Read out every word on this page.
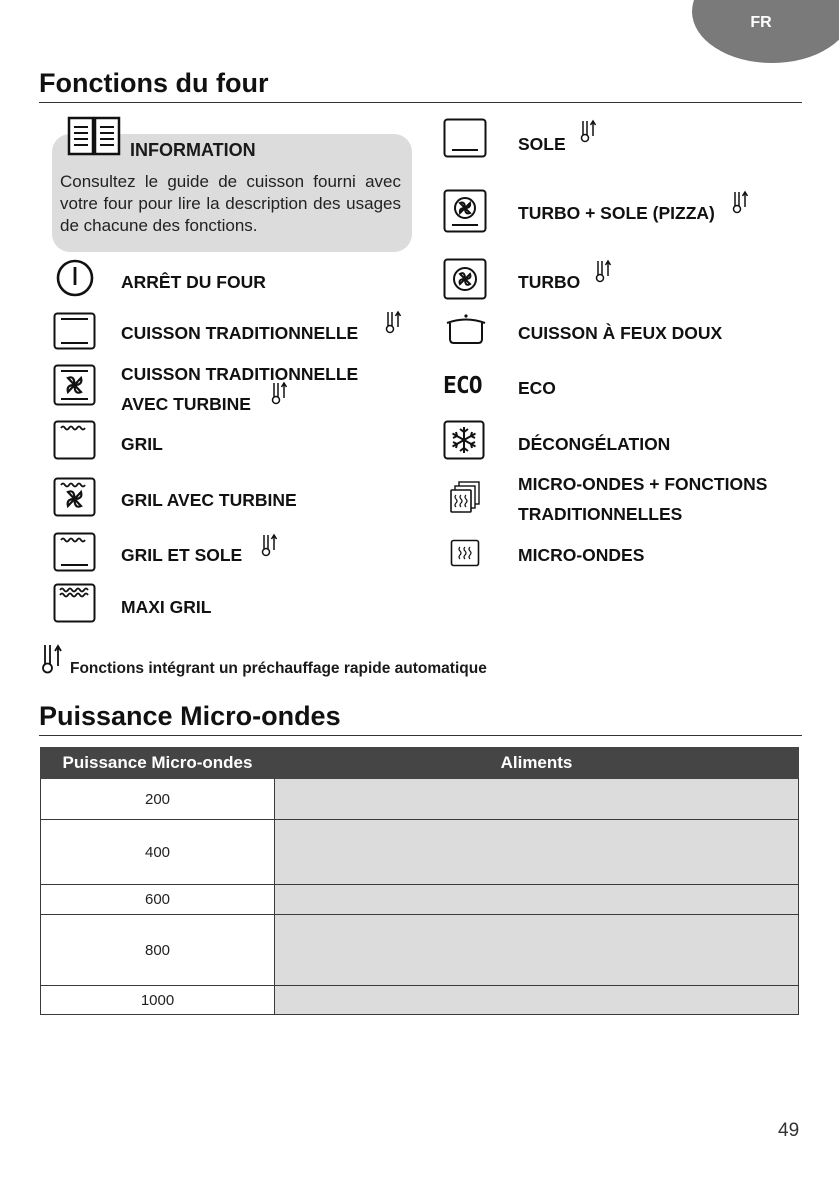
FR
Fonctions du four
INFORMATION
Consultez le guide de cuisson fourni avec votre four pour lire la description des usages de chacune des fonctions.
ARRÊT DU FOUR
CUISSON TRADITIONNELLE
CUISSON TRADITIONNELLE
AVEC TURBINE
GRIL
GRIL AVEC TURBINE
GRIL ET SOLE
MAXI GRIL
ECO
SOLE
TURBO + SOLE (PIZZA)
TURBO
CUISSON À FEUX DOUX
ECO
DÉCONGÉLATION
MICRO-ONDES + FONCTIONS
TRADITIONNELLES
MICRO-ONDES
Fonctions intégrant un préchauffage rapide automatique
Puissance Micro-ondes
Puissance Micro-ondes	Aliments
200	
400	
600	
800	
1000	
49
